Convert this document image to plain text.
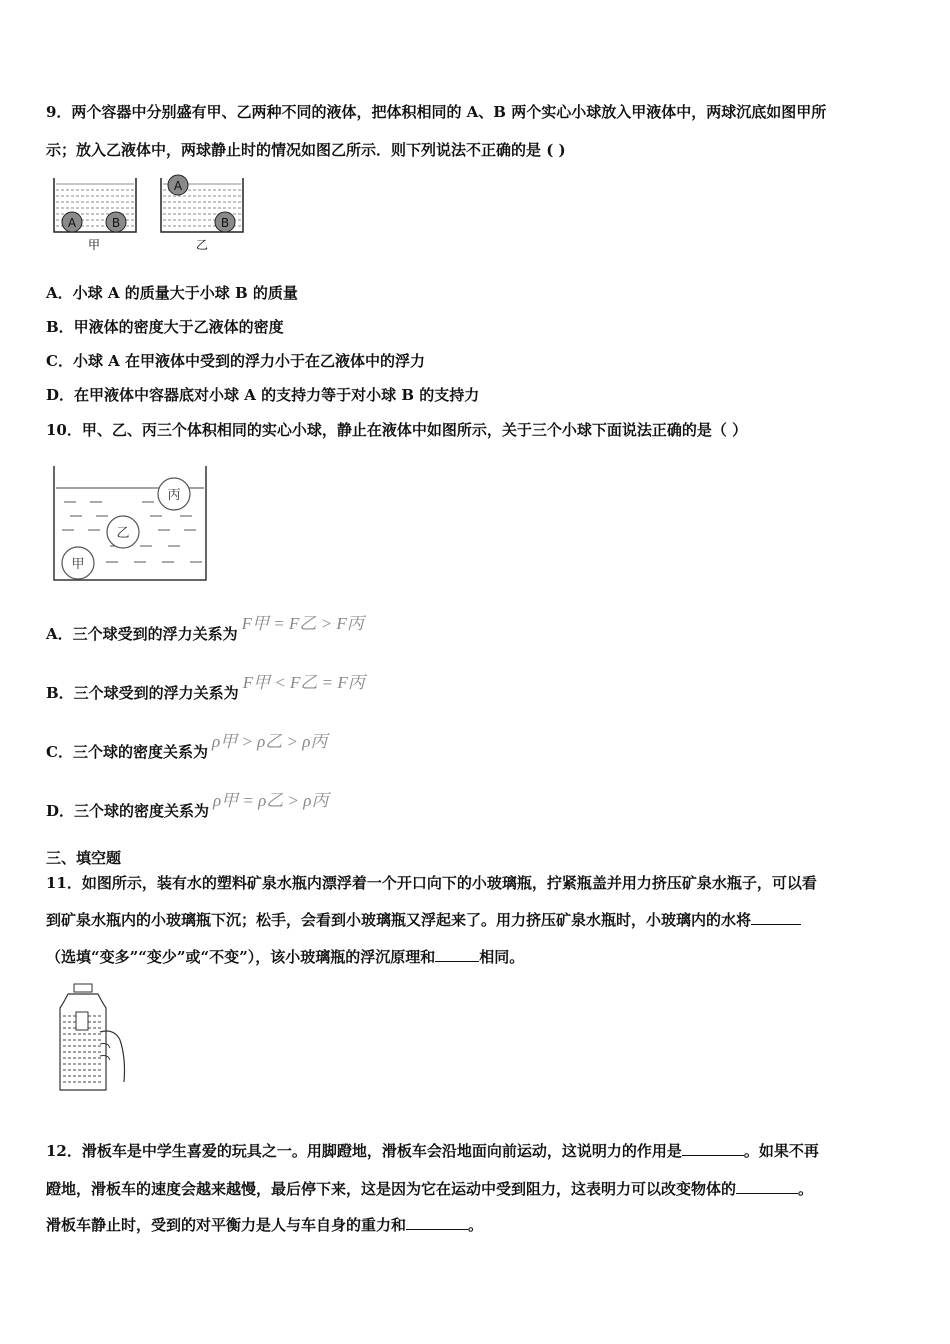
9．两个容器中分别盛有甲、乙两种不同的液体，把体积相同的 A、B 两个实心小球放入甲液体中，两球沉底如图甲所
示；放入乙液体中，两球静止时的情况如图乙所示．则下列说法不正确的是 ( )
A	B
甲
A
B
乙
A．小球 A 的质量大于小球 B 的质量
B．甲液体的密度大于乙液体的密度
C．小球 A 在甲液体中受到的浮力小于在乙液体中的浮力
D．在甲液体中容器底对小球 A 的支持力等于对小球 B 的支持力
10．甲、乙、丙三个体积相同的实心小球，静止在液体中如图所示，关于三个小球下面说法正确的是（ ）
丙
乙
甲
A．三个球受到的浮力关系为F甲 = F乙 > F丙
B．三个球受到的浮力关系为F甲 < F乙 = F丙
C．三个球的密度关系为ρ甲 > ρ乙 > ρ丙
D．三个球的密度关系为ρ甲 = ρ乙 > ρ丙
三、填空题
11．如图所示，装有水的塑料矿泉水瓶内漂浮着一个开口向下的小玻璃瓶，拧紧瓶盖并用力挤压矿泉水瓶子，可以看
到矿泉水瓶内的小玻璃瓶下沉；松手，会看到小玻璃瓶又浮起来了。用力挤压矿泉水瓶时，小玻璃内的水将
（选填“变多”“变少”或“不变”），该小玻璃瓶的浮沉原理和	相同。
12．滑板车是中学生喜爱的玩具之一。用脚蹬地，滑板车会沿地面向前运动，这说明力的作用是	。如果不再
蹬地，滑板车的速度会越来越慢，最后停下来，这是因为它在运动中受到阻力，这表明力可以改变物体的	。
滑板车静止时，受到的对平衡力是人与车自身的重力和	。
